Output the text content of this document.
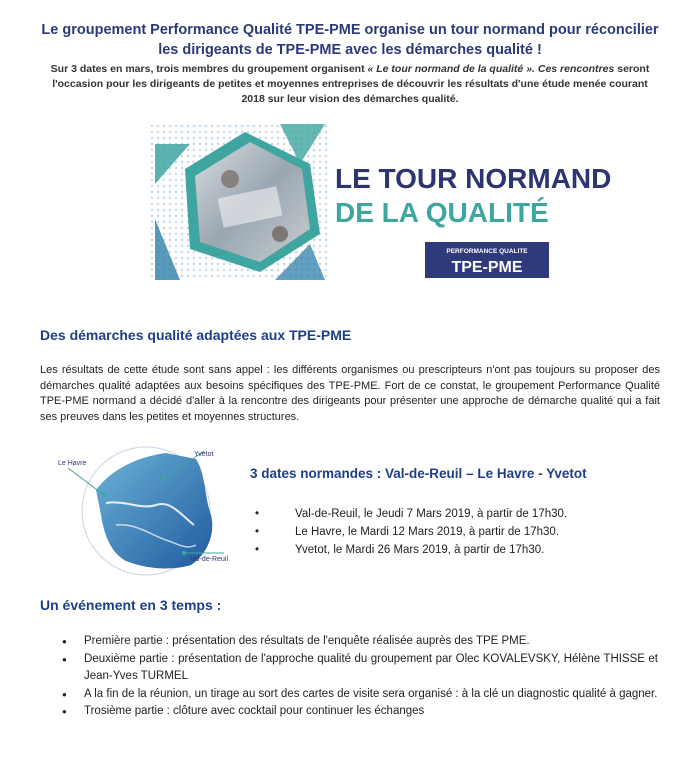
Le groupement Performance Qualité TPE-PME organise un tour normand pour réconcilier
les dirigeants de TPE-PME avec les démarches qualité !
Sur 3 dates en mars, trois membres du groupement organisent « Le tour normand de la qualité ». Ces rencontres seront l'occasion pour les dirigeants de petites et moyennes entreprises de découvrir les résultats d'une étude menée courant 2018 sur leur vision des démarches qualité.
LE TOUR NORMAND
DE LA QUALITÉ
PERFORMANCE QUALITE
TPE-PME
Des démarches qualité adaptées aux TPE-PME
Les résultats de cette étude sont sans appel : les différents organismes ou prescripteurs n'ont pas toujours su proposer des démarches qualité adaptées aux besoins spécifiques des TPE-PME. Fort de ce constat, le groupement Performance Qualité TPE-PME normand a décidé d'aller à la rencontre des dirigeants pour présenter une approche de démarche qualité qui a fait ses preuves dans les petites et moyennes structures.
Le Havre
Yvetot
Val-de-Reuil
3 dates normandes : Val-de-Reuil – Le Havre - Yvetot
• Val-de-Reuil, le Jeudi 7 Mars 2019, à partir de 17h30.
• Le Havre, le Mardi 12 Mars 2019, à partir de 17h30.
• Yvetot, le Mardi 26 Mars 2019, à partir de 17h30.
Un événement en 3 temps :
● Première partie : présentation des résultats de l'enquête réalisée auprès des TPE PME.
● Deuxième partie : présentation de l'approche qualité du groupement par Olec KOVALEVSKY, Hélène THISSE et Jean-Yves TURMEL
● A la fin de la réunion, un tirage au sort des cartes de visite sera organisé : à la clé un diagnostic qualité à gagner.
● Trosième partie : clôture avec cocktail pour continuer les échanges
